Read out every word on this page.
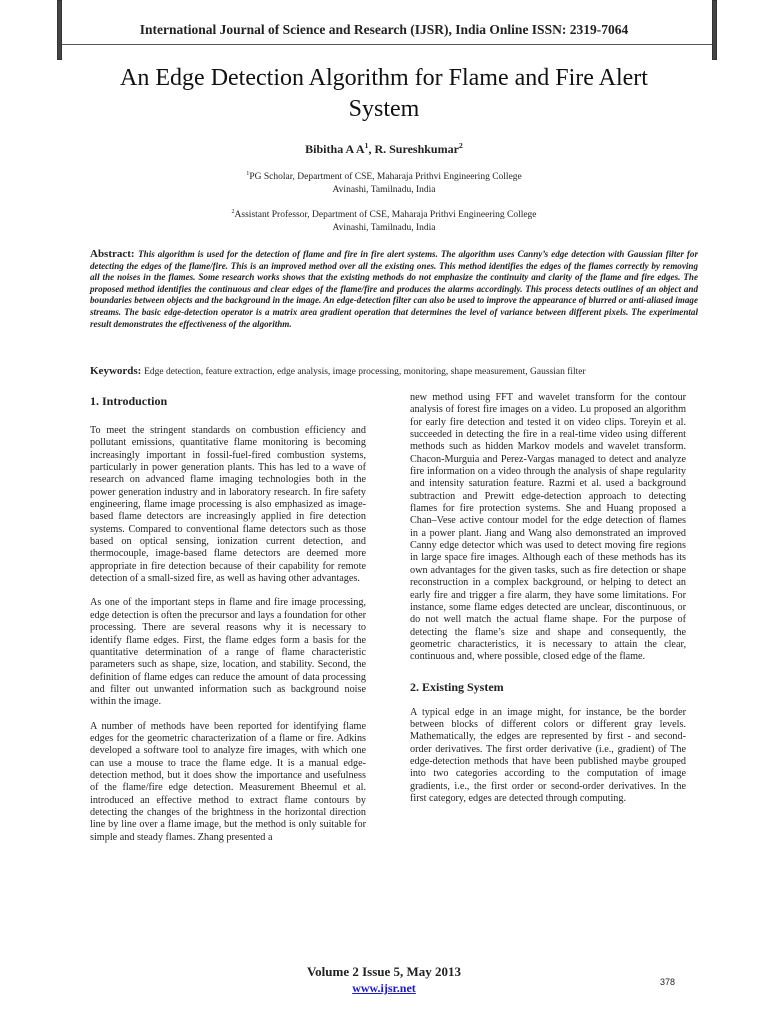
International Journal of Science and Research (IJSR), India Online ISSN: 2319-7064
An Edge Detection Algorithm for Flame and Fire Alert System
Bibitha A $A^1$, R. Sureshkumar$^2$
$^1$PG Scholar, Department of CSE, Maharaja Prithvi Engineering College
Avinashi, Tamilnadu, India
$^2$Assistant Professor, Department of CSE, Maharaja Prithvi Engineering College
Avinashi, Tamilnadu, India
Abstract: This algorithm is used for the detection of flame and fire in fire alert systems. The algorithm uses Canny’s edge detection with Gaussian filter for detecting the edges of the flame/fire. This is an improved method over all the existing ones. This method identifies the edges of the flames correctly by removing all the noises in the flames. Some research works shows that the existing methods do not emphasize the continuity and clarity of the flame and fire edges. The proposed method identifies the continuous and clear edges of the flame/fire and produces the alarms accordingly. This process detects outlines of an object and boundaries between objects and the background in the image. An edge-detection filter can also be used to improve the appearance of blurred or anti-aliased image streams. The basic edge-detection operator is a matrix area gradient operation that determines the level of variance between different pixels. The experimental result demonstrates the effectiveness of the algorithm.
Keywords: Edge detection, feature extraction, edge analysis, image processing, monitoring, shape measurement, Gaussian filter
1. Introduction

To meet the stringent standards on combustion efficiency and pollutant emissions, quantitative flame monitoring is becoming increasingly important in fossil-fuel-fired combustion systems, particularly in power generation plants. This has led to a wave of research on advanced flame imaging technologies both in the power generation industry and in laboratory research. In fire safety engineering, flame image processing is also emphasized as image-based flame detectors are increasingly applied in fire detection systems. Compared to conventional flame detectors such as those based on optical sensing, ionization current detection, and thermocouple, image-based flame detectors are deemed more appropriate in fire detection because of their capability for remote detection of a small-sized fire, as well as having other advantages.

As one of the important steps in flame and fire image processing, edge detection is often the precursor and lays a foundation for other processing. There are several reasons why it is necessary to identify flame edges. First, the flame edges form a basis for the quantitative determination of a range of flame characteristic parameters such as shape, size, location, and stability. Second, the definition of flame edges can reduce the amount of data processing and filter out unwanted information such as background noise within the image.

A number of methods have been reported for identifying flame edges for the geometric characterization of a flame or fire. Adkins developed a software tool to analyze fire images, with which one can use a mouse to trace the flame edge. It is a manual edge-detection method, but it does show the importance and usefulness of the flame/fire edge detection. Measurement Bheemul et al. introduced an effective method to extract flame contours by detecting the changes of the brightness in the horizontal direction line by line over a flame image, but the method is only suitable for simple and steady flames. Zhang presented a

new method using FFT and wavelet transform for the contour analysis of forest fire images on a video. Lu proposed an algorithm for early fire detection and tested it on video clips. Toreyin et al. succeeded in detecting the fire in a real-time video using different methods such as hidden Markov models and wavelet transform. Chacon-Murguia and Perez-Vargas managed to detect and analyze fire information on a video through the analysis of shape regularity and intensity saturation feature. Razmi et al. used a background subtraction and Prewitt edge-detection approach to detecting flames for fire protection systems. She and Huang proposed a Chan–Vese active contour model for the edge detection of flames in a power plant. Jiang and Wang also demonstrated an improved Canny edge detector which was used to detect moving fire regions in large space fire images. Although each of these methods has its own advantages for the given tasks, such as fire detection or shape reconstruction in a complex background, or helping to detect an early fire and trigger a fire alarm, they have some limitations. For instance, some flame edges detected are unclear, discontinuous, or do not well match the actual flame shape. For the purpose of detecting the flame’s size and shape and consequently, the geometric characteristics, it is necessary to attain the clear, continuous and, where possible, closed edge of the flame.

2. Existing System

A typical edge in an image might, for instance, be the border between blocks of different colors or different gray levels. Mathematically, the edges are represented by first - and second-order derivatives. The first order derivative (i.e., gradient) of The edge-detection methods that have been published maybe grouped into two categories according to the computation of image gradients, i.e., the first order or second-order derivatives. In the first category, edges are detected through computing.

Volume 2 Issue 5, May 2013
www.ijsr.net	378
